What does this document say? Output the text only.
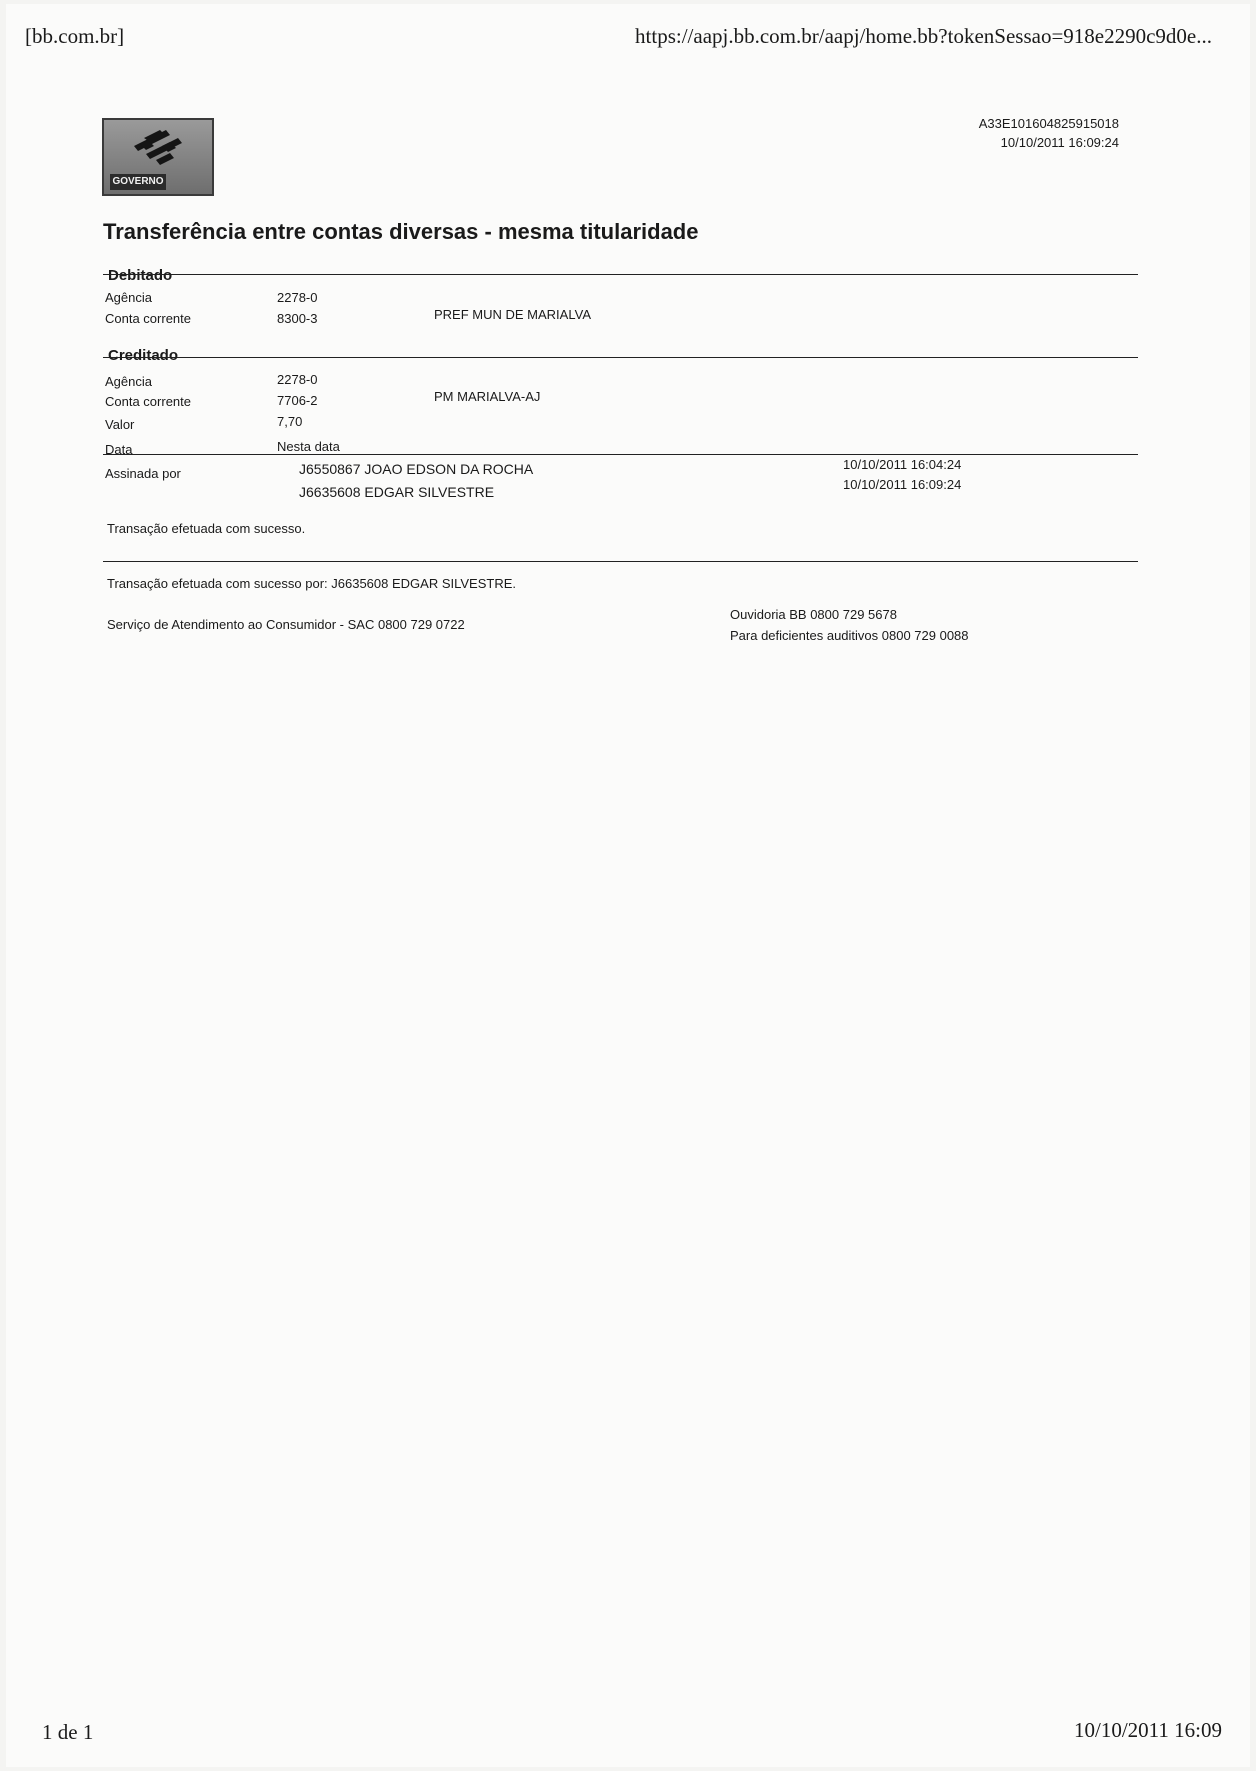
[bb.com.br]	https://aapj.bb.com.br/aapj/home.bb?tokenSessao=918e2290c9d0e...
GOVERNO
A33E101604825915018
10/10/2011 16:09:24
Transferência entre contas diversas - mesma titularidade
Debitado
Agência	2278-0
Conta corrente	8300-3	PREF MUN DE MARIALVA
Creditado
Agência	2278-0
Conta corrente	7706-2	PM MARIALVA-AJ
Valor	7,70
Data	Nesta data
Assinada por	J6550867 JOAO EDSON DA ROCHA	10/10/2011 16:04:24
J6635608 EDGAR SILVESTRE	10/10/2011 16:09:24
Transação efetuada com sucesso.
Transação efetuada com sucesso por: J6635608 EDGAR SILVESTRE.
Serviço de Atendimento ao Consumidor - SAC 0800 729 0722
Ouvidoria BB 0800 729 5678
Para deficientes auditivos 0800 729 0088
1 de 1	10/10/2011 16:09
